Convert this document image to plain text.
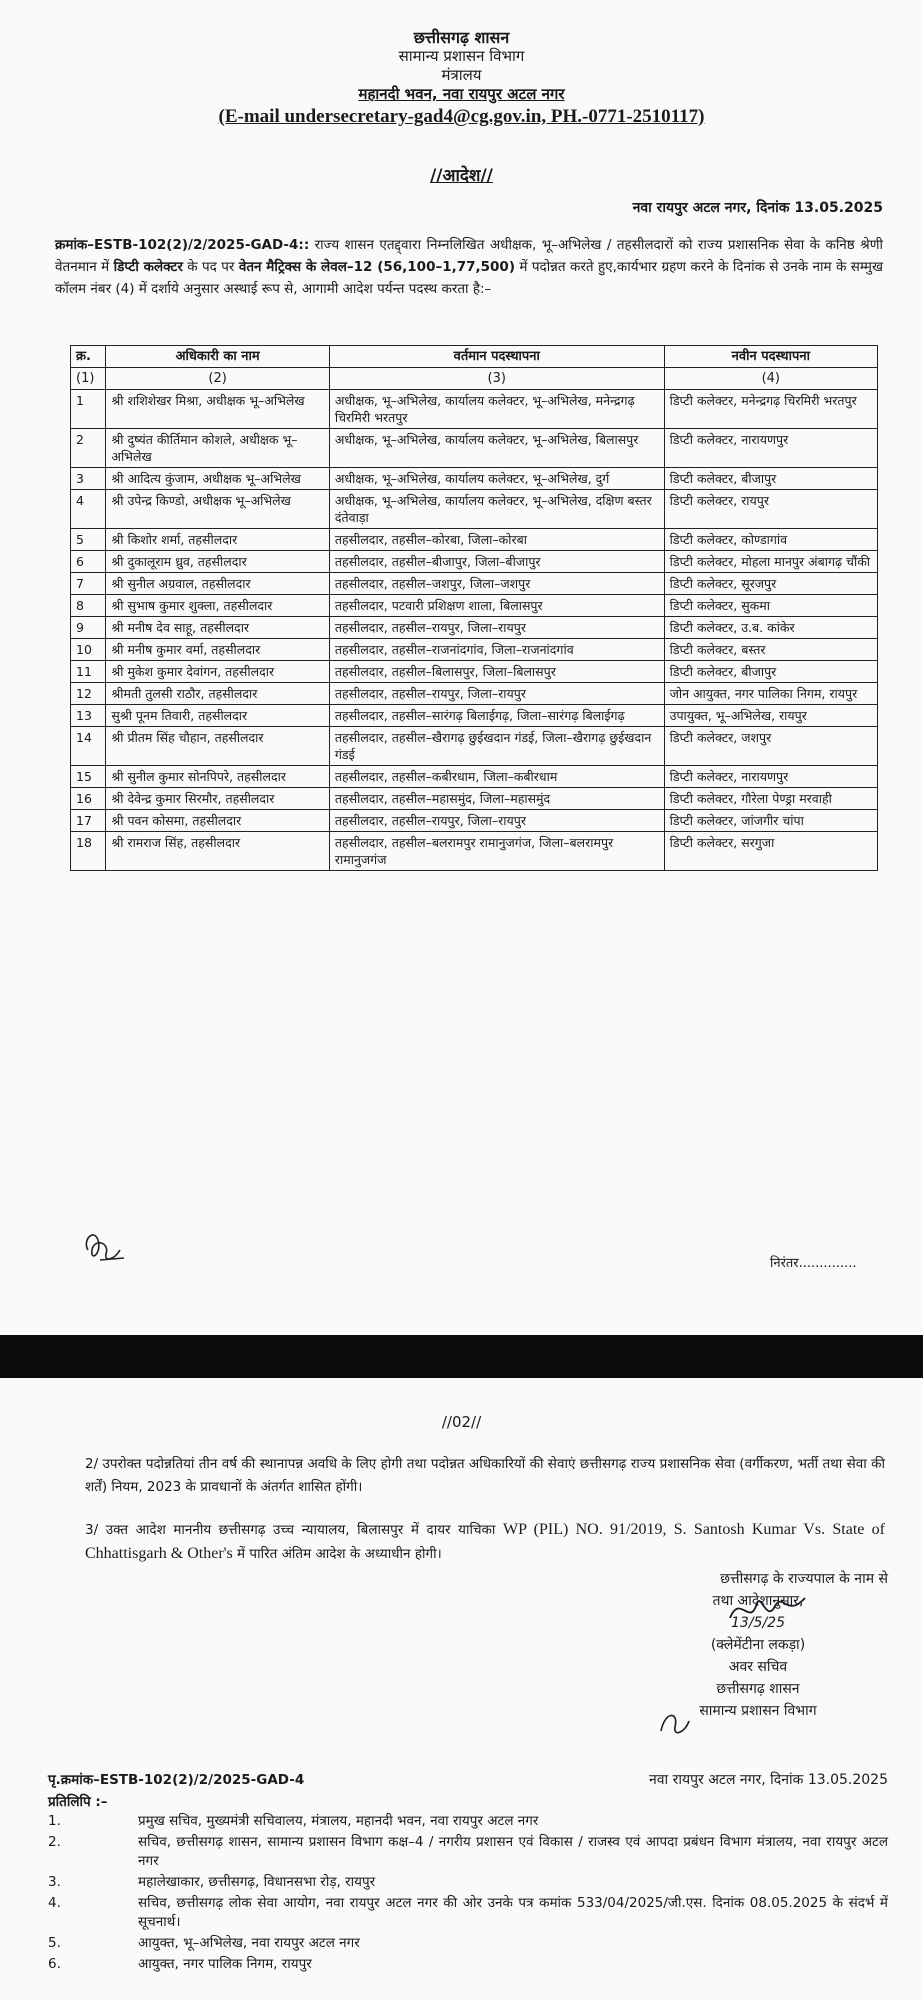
छत्तीसगढ़ शासन
सामान्य प्रशासन विभाग
मंत्रालय
महानदी भवन, नवा रायपुर अटल नगर
(E-mail undersecretary-gad4@cg.gov.in, PH.-0771-2510117)
//आदेश//
नवा रायपुर अटल नगर, दिनांक 13.05.2025
क्रमांक–ESTB-102(2)/2/2025-GAD-4:: राज्य शासन एतद्द्वारा निम्नलिखित अधीक्षक, भू–अभिलेख / तहसीलदारों को राज्य प्रशासनिक सेवा के कनिष्ठ श्रेणी वेतनमान में डिप्टी कलेक्टर के पद पर वेतन मैट्रिक्स के लेवल–12 (56,100–1,77,500) में पदोन्नत करते हुए,कार्यभार ग्रहण करने के दिनांक से उनके नाम के सम्मुख कॉलम नंबर (4) में दर्शाये अनुसार अस्थाई रूप से, आगामी आदेश पर्यन्त पदस्थ करता है:–
क्र.	अधिकारी का नाम	वर्तमान पदस्थापना	नवीन पदस्थापना
(1)	(2)	(3)	(4)
1	श्री शशिशेखर मिश्रा, अधीक्षक भू–अभिलेख	अधीक्षक, भू–अभिलेख, कार्यालय कलेक्टर, भू–अभिलेख, मनेन्द्रगढ़ चिरमिरी भरतपुर	डिप्टी कलेक्टर, मनेन्द्रगढ़ चिरमिरी भरतपुर
2	श्री दुष्यंत कीर्तिमान कोशले, अधीक्षक भू–अभिलेख	अधीक्षक, भू–अभिलेख, कार्यालय कलेक्टर, भू–अभिलेख, बिलासपुर	डिप्टी कलेक्टर, नारायणपुर
3	श्री आदित्य कुंजाम, अधीक्षक भू–अभिलेख	अधीक्षक, भू–अभिलेख, कार्यालय कलेक्टर, भू–अभिलेख, दुर्ग	डिप्टी कलेक्टर, बीजापुर
4	श्री उपेन्द्र किण्डो, अधीक्षक भू–अभिलेख	अधीक्षक, भू–अभिलेख, कार्यालय कलेक्टर, भू–अभिलेख, दक्षिण बस्तर दंतेवाड़ा	डिप्टी कलेक्टर, रायपुर
5	श्री किशोर शर्मा, तहसीलदार	तहसीलदार, तहसील–कोरबा, जिला–कोरबा	डिप्टी कलेक्टर, कोण्डागांव
6	श्री दुकालूराम ध्रुव, तहसीलदार	तहसीलदार, तहसील–बीजापुर, जिला–बीजापुर	डिप्टी कलेक्टर, मोहला मानपुर अंबागढ़ चौंकी
7	श्री सुनील अग्रवाल, तहसीलदार	तहसीलदार, तहसील–जशपुर, जिला–जशपुर	डिप्टी कलेक्टर, सूरजपुर
8	श्री सुभाष कुमार शुक्ला, तहसीलदार	तहसीलदार, पटवारी प्रशिक्षण शाला, बिलासपुर	डिप्टी कलेक्टर, सुकमा
9	श्री मनीष देव साहू, तहसीलदार	तहसीलदार, तहसील–रायपुर, जिला–रायपुर	डिप्टी कलेक्टर, उ.ब. कांकेर
10	श्री मनीष कुमार वर्मा, तहसीलदार	तहसीलदार, तहसील–राजनांदगांव, जिला–राजनांदगांव	डिप्टी कलेक्टर, बस्तर
11	श्री मुकेश कुमार देवांगन, तहसीलदार	तहसीलदार, तहसील–बिलासपुर, जिला–बिलासपुर	डिप्टी कलेक्टर, बीजापुर
12	श्रीमती तुलसी राठौर, तहसीलदार	तहसीलदार, तहसील–रायपुर, जिला–रायपुर	जोन आयुक्त, नगर पालिका निगम, रायपुर
13	सुश्री पूनम तिवारी, तहसीलदार	तहसीलदार, तहसील–सारंगढ़ बिलाईगढ़, जिला–सारंगढ़ बिलाईगढ़	उपायुक्त, भू–अभिलेख, रायपुर
14	श्री प्रीतम सिंह चौहान, तहसीलदार	तहसीलदार, तहसील–खैरागढ़ छुईखदान गंडई, जिला–खैरागढ़ छुईखदान गंडई	डिप्टी कलेक्टर, जशपुर
15	श्री सुनील कुमार सोनपिपरे, तहसीलदार	तहसीलदार, तहसील–कबीरधाम, जिला–कबीरधाम	डिप्टी कलेक्टर, नारायणपुर
16	श्री देवेन्द्र कुमार सिरमौर, तहसीलदार	तहसीलदार, तहसील–महासमुंद, जिला–महासमुंद	डिप्टी कलेक्टर, गौरेला पेण्ड्रा मरवाही
17	श्री पवन कोसमा, तहसीलदार	तहसीलदार, तहसील–रायपुर, जिला–रायपुर	डिप्टी कलेक्टर, जांजगीर चांपा
18	श्री रामराज सिंह, तहसीलदार	तहसीलदार, तहसील–बलरामपुर रामानुजगंज, जिला–बलरामपुर रामानुजगंज	डिप्टी कलेक्टर, सरगुजा
निरंतर..............
//02//
2/ उपरोक्त पदोन्नतियां तीन वर्ष की स्थानापन्न अवधि के लिए होगी तथा पदोन्नत अधिकारियों की सेवाएं छत्तीसगढ़ राज्य प्रशासनिक सेवा (वर्गीकरण, भर्ती तथा सेवा की शर्तें) नियम, 2023 के प्रावधानों के अंतर्गत शासित होंगी।
3/ उक्त आदेश माननीय छत्तीसगढ़ उच्च न्यायालय, बिलासपुर में दायर याचिका WP (PIL) NO. 91/2019, S. Santosh Kumar Vs. State of Chhattisgarh & Other's में पारित अंतिम आदेश के अध्याधीन होगी।
छत्तीसगढ़ के राज्यपाल के नाम से
तथा आदेशानुसार,
13/5/25
(क्लेमेंटीना लकड़ा)
अवर सचिव
छत्तीसगढ़ शासन
सामान्य प्रशासन विभाग
पृ.क्रमांक–ESTB-102(2)/2/2025-GAD-4	नवा रायपुर अटल नगर, दिनांक 13.05.2025
प्रतिलिपि :–
1.	प्रमुख सचिव, मुख्यमंत्री सचिवालय, मंत्रालय, महानदी भवन, नवा रायपुर अटल नगर
2.	सचिव, छत्तीसगढ़ शासन, सामान्य प्रशासन विभाग कक्ष–4 / नगरीय प्रशासन एवं विकास / राजस्व एवं आपदा प्रबंधन विभाग मंत्रालय, नवा रायपुर अटल नगर
3.	महालेखाकार, छत्तीसगढ़, विधानसभा रोड़, रायपुर
4.	सचिव, छत्तीसगढ़ लोक सेवा आयोग, नवा रायपुर अटल नगर की ओर उनके पत्र कमांक 533/04/2025/जी.एस. दिनांक 08.05.2025 के संदर्भ में सूचनार्थ।
5.	आयुक्त, भू–अभिलेख, नवा रायपुर अटल नगर
6.	आयुक्त, नगर पालिक निगम, रायपुर
